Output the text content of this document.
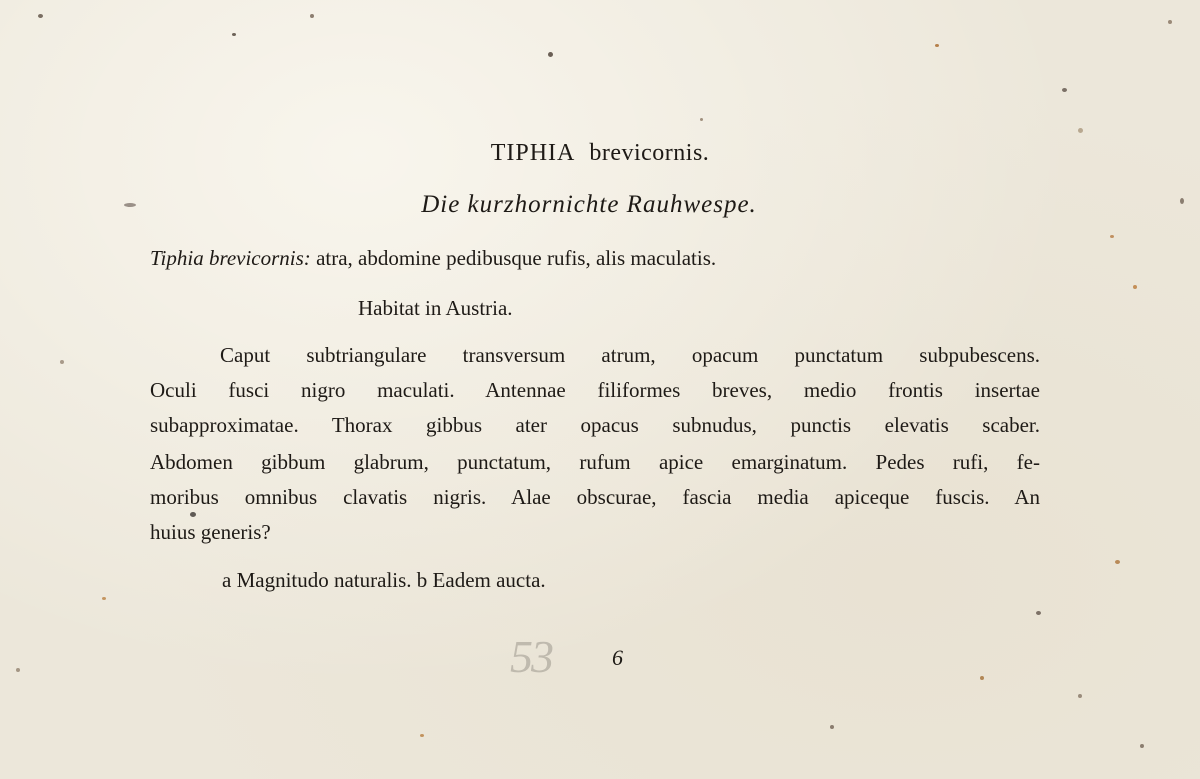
TIPHIA brevicornis.
Die kurzhornichte Rauhwespe.
Tiphia brevicornis: atra, abdomine pedibusque rufis, alis maculatis.
Habitat in Austria.
Caput subtriangulare transversum atrum, opacum punctatum subpubescens.
Oculi fusci nigro maculati. Antennae filiformes breves, medio frontis insertae
subapproximatae. Thorax gibbus ater opacus subnudus, punctis elevatis scaber.
Abdomen gibbum glabrum, punctatum, rufum apice emarginatum. Pedes rufi, fe-
moribus omnibus clavatis nigris. Alae obscurae, fascia media apiceque fuscis. An
huius generis?
a Magnitudo naturalis. b Eadem aucta.
53	6
